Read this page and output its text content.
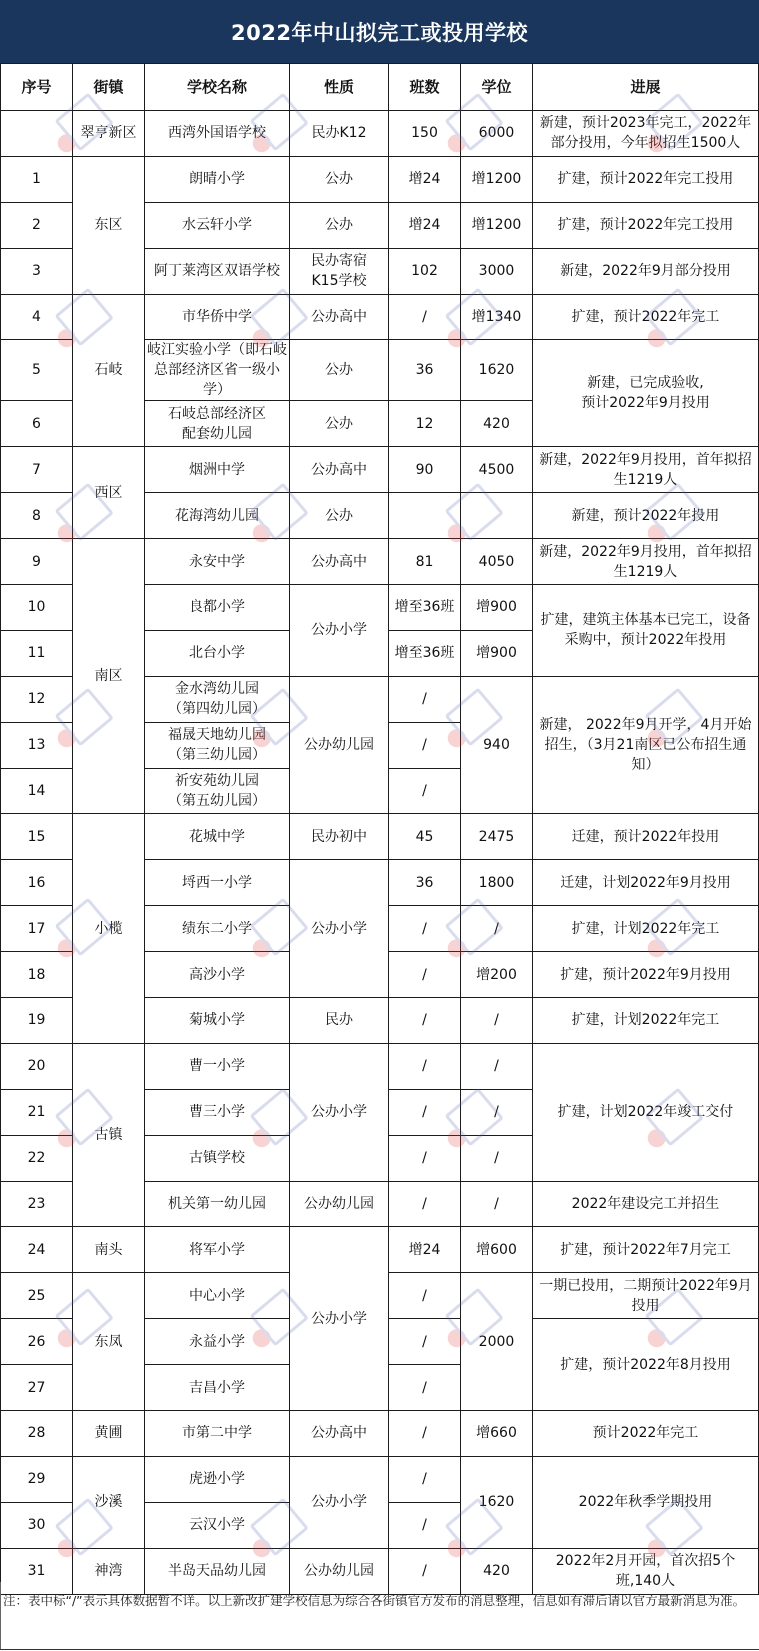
2022年中山拟完工或投用学校
序号	街镇	学校名称	性质	班数	学位	进展
	翠亨新区	西湾外国语学校	民办K12	150	6000	新建，预计2023年完工，2022年部分投用，今年拟招生1500人
1	东区	朗晴小学	公办	增24	增1200	扩建，预计2022年完工投用
2		水云轩小学	公办	增24	增1200	扩建，预计2022年完工投用
3		阿丁莱湾区双语学校	民办寄宿
K15学校	102	3000	新建，2022年9月部分投用
4	石岐	市华侨中学	公办高中	/	增1340	扩建，预计2022年完工
5		岐江实验小学（即石岐
总部经济区省一级小学）	公办	36	1620	新建，已完成验收,
预计2022年9月投用
6		石岐总部经济区
配套幼儿园	公办	12	420	
7	西区	烟洲中学	公办高中	90	4500	新建，2022年9月投用，首年拟招生1219人
8		花海湾幼儿园	公办			新建，预计2022年投用
9	南区	永安中学	公办高中	81	4050	新建，2022年9月投用，首年拟招生1219人
10		良都小学	公办小学	增至36班	增900	扩建，建筑主体基本已完工，设备采购中，预计2022年投用
11		北台小学		增至36班	增900	
12		金水湾幼儿园
（第四幼儿园）	公办幼儿园	/	940	新建， 2022年9月开学，4月开始招生，（3月21南区已公布招生通知）
13		福晟天地幼儿园
（第三幼儿园）		/		
14		祈安苑幼儿园
（第五幼儿园）		/		
15	小榄	花城中学	民办初中	45	2475	迁建，预计2022年投用
16		埒西一小学	公办小学	36	1800	迁建，计划2022年9月投用
17		绩东二小学		/	/	扩建，计划2022年完工
18		高沙小学		/	增200	扩建，预计2022年9月投用
19		菊城小学	民办	/	/	扩建，计划2022年完工
20	古镇	曹一小学	公办小学	/	/	扩建，计划2022年竣工交付
21		曹三小学		/	/	
22		古镇学校		/	/	
23		机关第一幼儿园	公办幼儿园	/	/	2022年建设完工并招生
24	南头	将军小学	公办小学	增24	增600	扩建，预计2022年7月完工
25	东凤	中心小学		/	2000	一期已投用，二期预计2022年9月投用
26		永益小学		/		扩建，预计2022年8月投用
27		吉昌小学		/		
28	黄圃	市第二中学	公办高中	/	增660	预计2022年完工
29	沙溪	虎逊小学	公办小学	/	1620	2022年秋季学期投用
30		云汉小学		/		
31	神湾	半岛天品幼儿园	公办幼儿园	/	420	2022年2月开园，首次招5个班,140人
注：表中标“/”表示具体数据暂不详。以上新改扩建学校信息为综合各街镇官方发布的消息整理，信息如有滞后请以官方最新消息为准。
